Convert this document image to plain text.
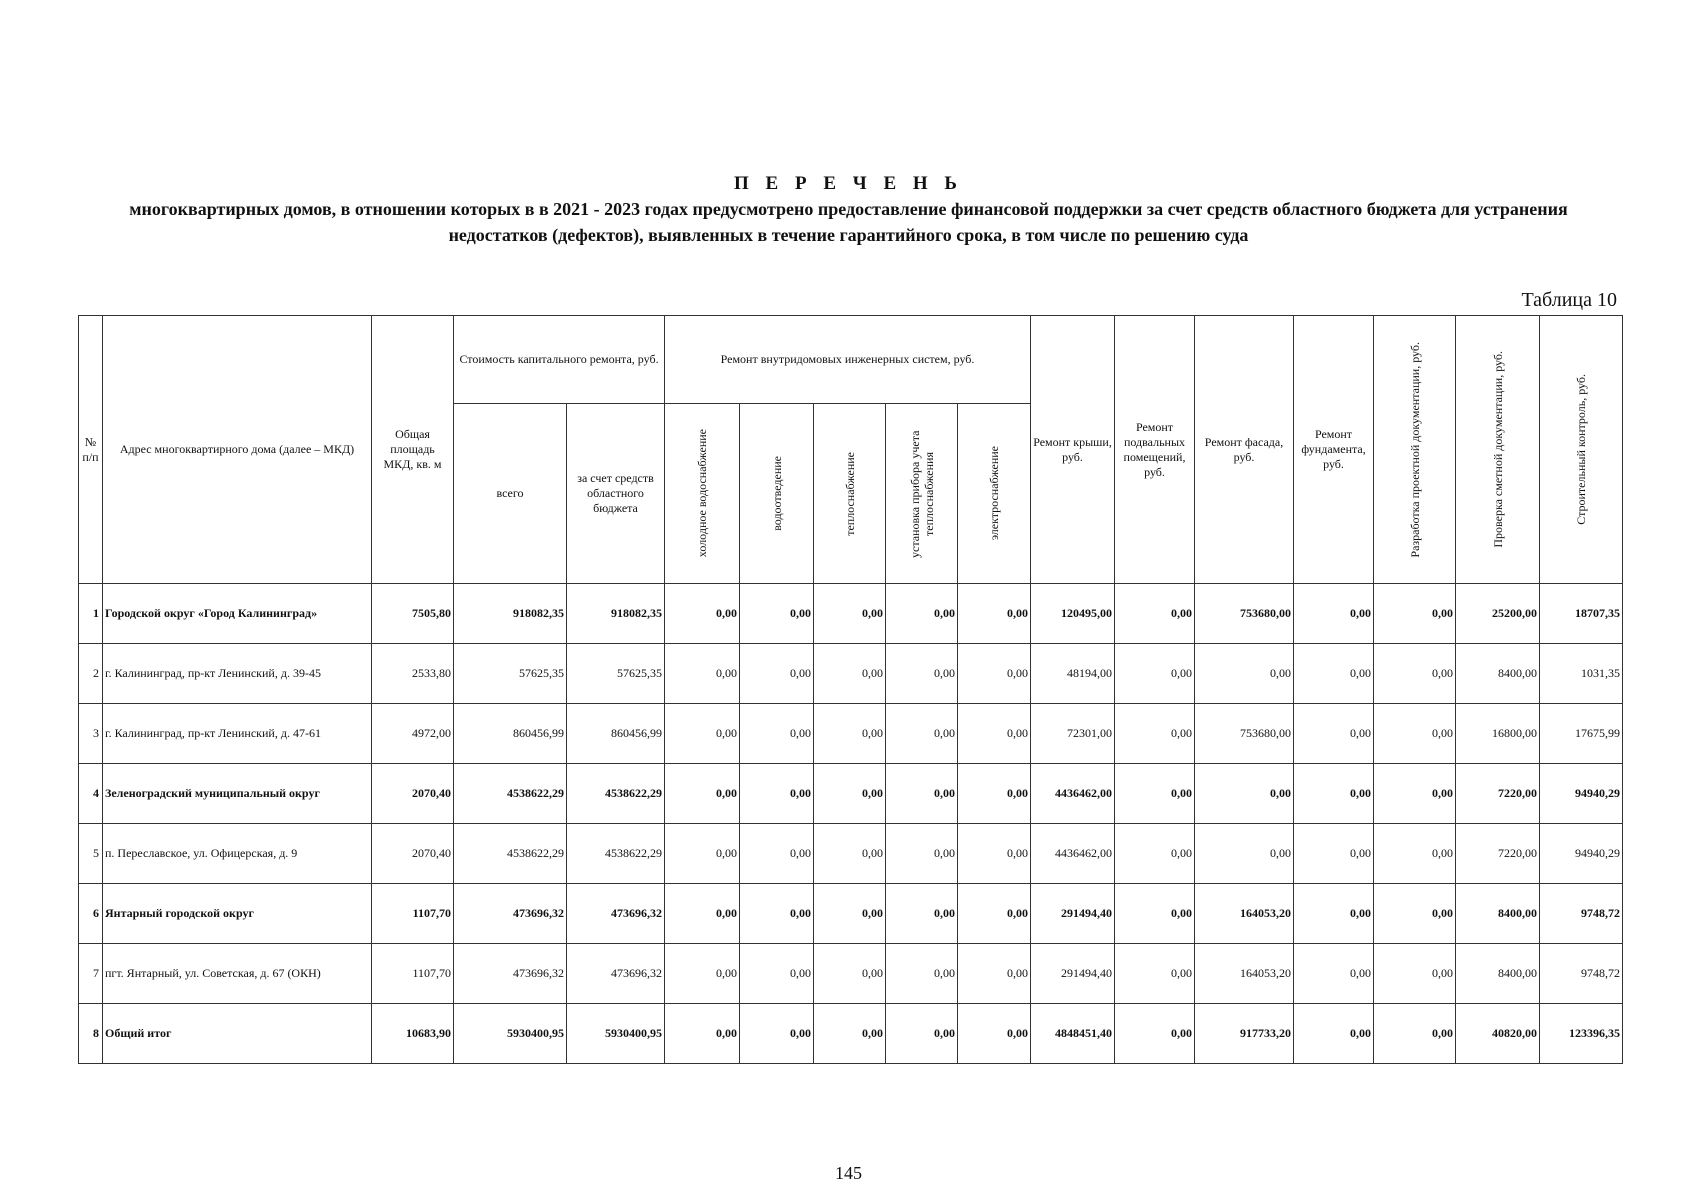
П Е Р Е Ч Е Н Ь
многоквартирных домов, в отношении которых в в 2021 - 2023 годах предусмотрено предоставление финансовой поддержки за счет средств областного бюджета для устранения недостатков (дефектов), выявленных в течение гарантийного срока, в том числе по решению суда
Таблица 10
№ п/п	Адрес многоквартирного дома (далее – МКД)	Общая площадь МКД, кв. м	Стоимость капитального ремонта, руб.		Ремонт внутридомовых инженерных систем, руб.					Ремонт крыши, руб.	Ремонт подвальных помещений, руб.	Ремонт фасада, руб.	Ремонт фундамента, руб.	Разработка проектной документации, руб.	Проверка сметной документации, руб.	Строительный контроль, руб.

			всего	за счет средств областного бюджета	холодное водоснабжение	водоотведение	теплоснабжение	установка прибора учета теплоснабжения	электроснабжение							

1	Городской округ «Город Калининград»	7505,80	918082,35	918082,35	0,00	0,00	0,00	0,00	0,00	120495,00	0,00	753680,00	0,00	0,00	25200,00	18707,35
2	г. Калининград, пр-кт Ленинский, д. 39-45	2533,80	57625,35	57625,35	0,00	0,00	0,00	0,00	0,00	48194,00	0,00	0,00	0,00	0,00	8400,00	1031,35
3	г. Калининград, пр-кт Ленинский, д. 47-61	4972,00	860456,99	860456,99	0,00	0,00	0,00	0,00	0,00	72301,00	0,00	753680,00	0,00	0,00	16800,00	17675,99
4	Зеленоградский муниципальный округ	2070,40	4538622,29	4538622,29	0,00	0,00	0,00	0,00	0,00	4436462,00	0,00	0,00	0,00	0,00	7220,00	94940,29
5	п. Переславское, ул. Офицерская, д. 9	2070,40	4538622,29	4538622,29	0,00	0,00	0,00	0,00	0,00	4436462,00	0,00	0,00	0,00	0,00	7220,00	94940,29
6	Янтарный городской округ	1107,70	473696,32	473696,32	0,00	0,00	0,00	0,00	0,00	291494,40	0,00	164053,20	0,00	0,00	8400,00	9748,72
7	пгт. Янтарный, ул. Советская, д. 67 (ОКН)	1107,70	473696,32	473696,32	0,00	0,00	0,00	0,00	0,00	291494,40	0,00	164053,20	0,00	0,00	8400,00	9748,72
8	Общий итог	10683,90	5930400,95	5930400,95	0,00	0,00	0,00	0,00	0,00	4848451,40	0,00	917733,20	0,00	0,00	40820,00	123396,35
145
